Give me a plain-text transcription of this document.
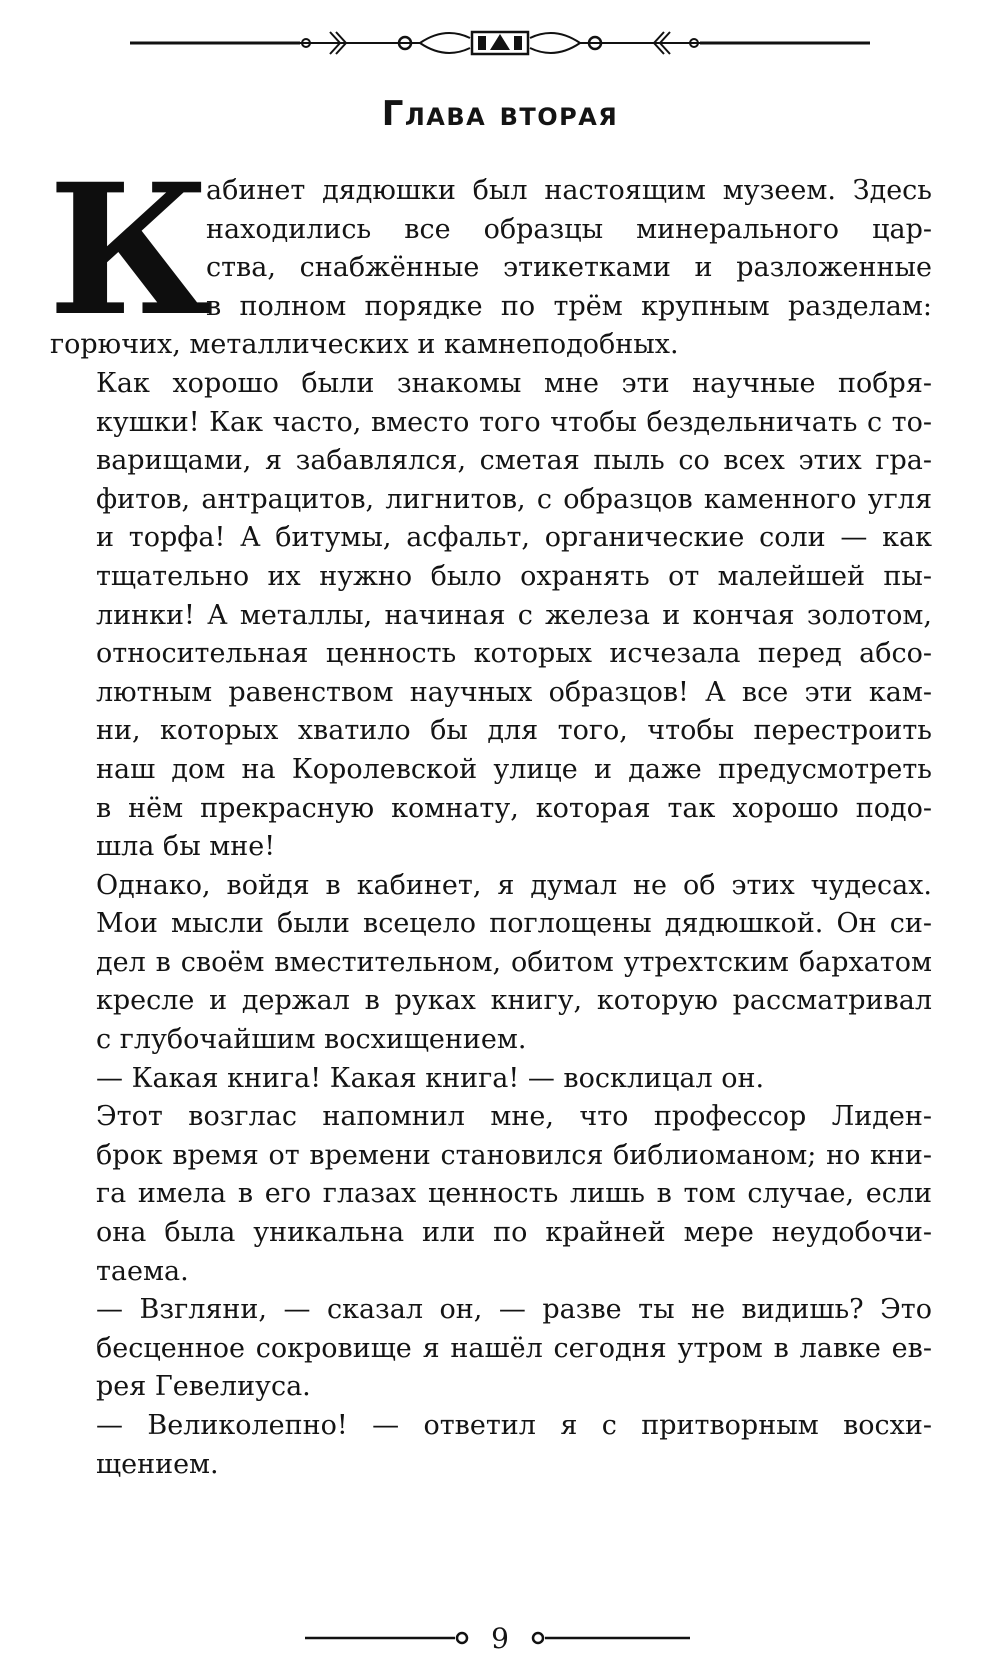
Глава вторая

К
абинет дядюшки был настоящим музеем. Здесь
находились все образцы минерального цар-
ства, снабжённые этикетками и разложенные
в полном порядке по трём крупным разделам:
горючих, металлических и камнеподобных.

Как хорошо были знакомы мне эти научные побря-
кушки! Как часто, вместо того чтобы бездельничать с то-
варищами, я забавлялся, сметая пыль со всех этих гра-
фитов, антрацитов, лигнитов, с образцов каменного угля
и торфа! А битумы, асфальт, органические соли — как
тщательно их нужно было охранять от малейшей пы-
линки! А металлы, начиная с железа и кончая золотом,
относительная ценность которых исчезала перед абсо-
лютным равенством научных образцов! А все эти кам-
ни, которых хватило бы для того, чтобы перестроить
наш дом на Королевской улице и даже предусмотреть
в нём прекрасную комнату, которая так хорошо подо-
шла бы мне!

Однако, войдя в кабинет, я думал не об этих чудесах.
Мои мысли были всецело поглощены дядюшкой. Он си-
дел в своём вместительном, обитом утрехтским бархатом
кресле и держал в руках книгу, которую рассматривал
с глубочайшим восхищением.

— Какая книга! Какая книга! — восклицал он.

Этот возглас напомнил мне, что профессор Лиден-
брок время от времени становился библиоманом; но кни-
га имела в его глазах ценность лишь в том случае, если
она была уникальна или по крайней мере неудобочи-
таема.

— Взгляни, — сказал он, — разве ты не видишь? Это
бесценное сокровище я нашёл сегодня утром в лавке ев-
рея Гевелиуса.

— Великолепно! — ответил я с притворным восхи-
щением.

9
